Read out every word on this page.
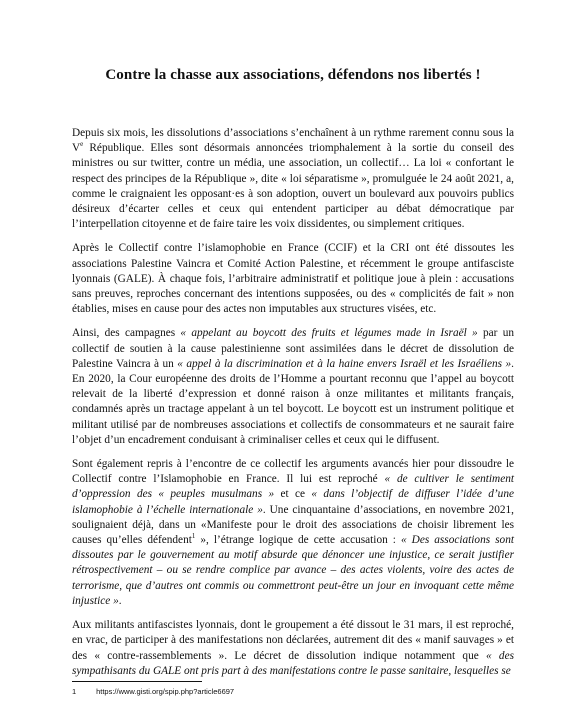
Contre la chasse aux associations, défendons nos libertés !

Depuis six mois, les dissolutions d’associations s’enchaînent à un rythme rarement connu sous la Ve République. Elles sont désormais annoncées triomphalement à la sortie du conseil des ministres ou sur twitter, contre un média, une association, un collectif… La loi « confortant le respect des principes de la République », dite « loi séparatisme », promulguée le 24 août 2021, a, comme le craignaient les opposant·es à son adoption, ouvert un boulevard aux pouvoirs publics désireux d’écarter celles et ceux qui entendent participer au débat démocratique par l’interpellation citoyenne et de faire taire les voix dissidentes, ou simplement critiques.

Après le Collectif contre l’islamophobie en France (CCIF) et la CRI ont été dissoutes les associations Palestine Vaincra et Comité Action Palestine, et récemment le groupe antifasciste lyonnais (GALE). À chaque fois, l’arbitraire administratif et politique joue à plein : accusations sans preuves, reproches concernant des intentions supposées, ou des « complicités de fait » non établies, mises en cause pour des actes non imputables aux structures visées, etc.

Ainsi, des campagnes « appelant au boycott des fruits et légumes made in Israël » par un collectif de soutien à la cause palestinienne sont assimilées dans le décret de dissolution de Palestine Vaincra à un « appel à la discrimination et à la haine envers Israël et les Israéliens ». En 2020, la Cour européenne des droits de l’Homme a pourtant reconnu que l’appel au boycott relevait de la liberté d’expression et donné raison à onze militantes et militants français, condamnés après un tractage appelant à un tel boycott. Le boycott est un instrument politique et militant utilisé par de nombreuses associations et collectifs de consommateurs et ne saurait faire l’objet d’un encadrement conduisant à criminaliser celles et ceux qui le diffusent.

Sont également repris à l’encontre de ce collectif les arguments avancés hier pour dissoudre le Collectif contre l’Islamophobie en France. Il lui est reproché « de cultiver le sentiment d’oppression des « peuples musulmans » et ce « dans l’objectif de diffuser l’idée d’une islamophobie à l’échelle internationale ». Une cinquantaine d’associations, en novembre 2021, soulignaient déjà, dans un «Manifeste pour le droit des associations de choisir librement les causes qu’elles défendent$^1$ », l’étrange logique de cette accusation : « Des associations sont dissoutes par le gouvernement au motif absurde que dénoncer une injustice, ce serait justifier rétrospectivement – ou se rendre complice par avance – des actes violents, voire des actes de terrorisme, que d’autres ont commis ou commettront peut-être un jour en invoquant cette même injustice ».

Aux militants antifascistes lyonnais, dont le groupement a été dissout le 31 mars, il est reproché, en vrac, de participer à des manifestations non déclarées, autrement dit des « manif sauvages » et des « contre-rassemblements ». Le décret de dissolution indique notamment que « des sympathisants du GALE ont pris part à des manifestations contre le passe sanitaire, lesquelles se

1	https://www.gisti.org/spip.php?article6697
